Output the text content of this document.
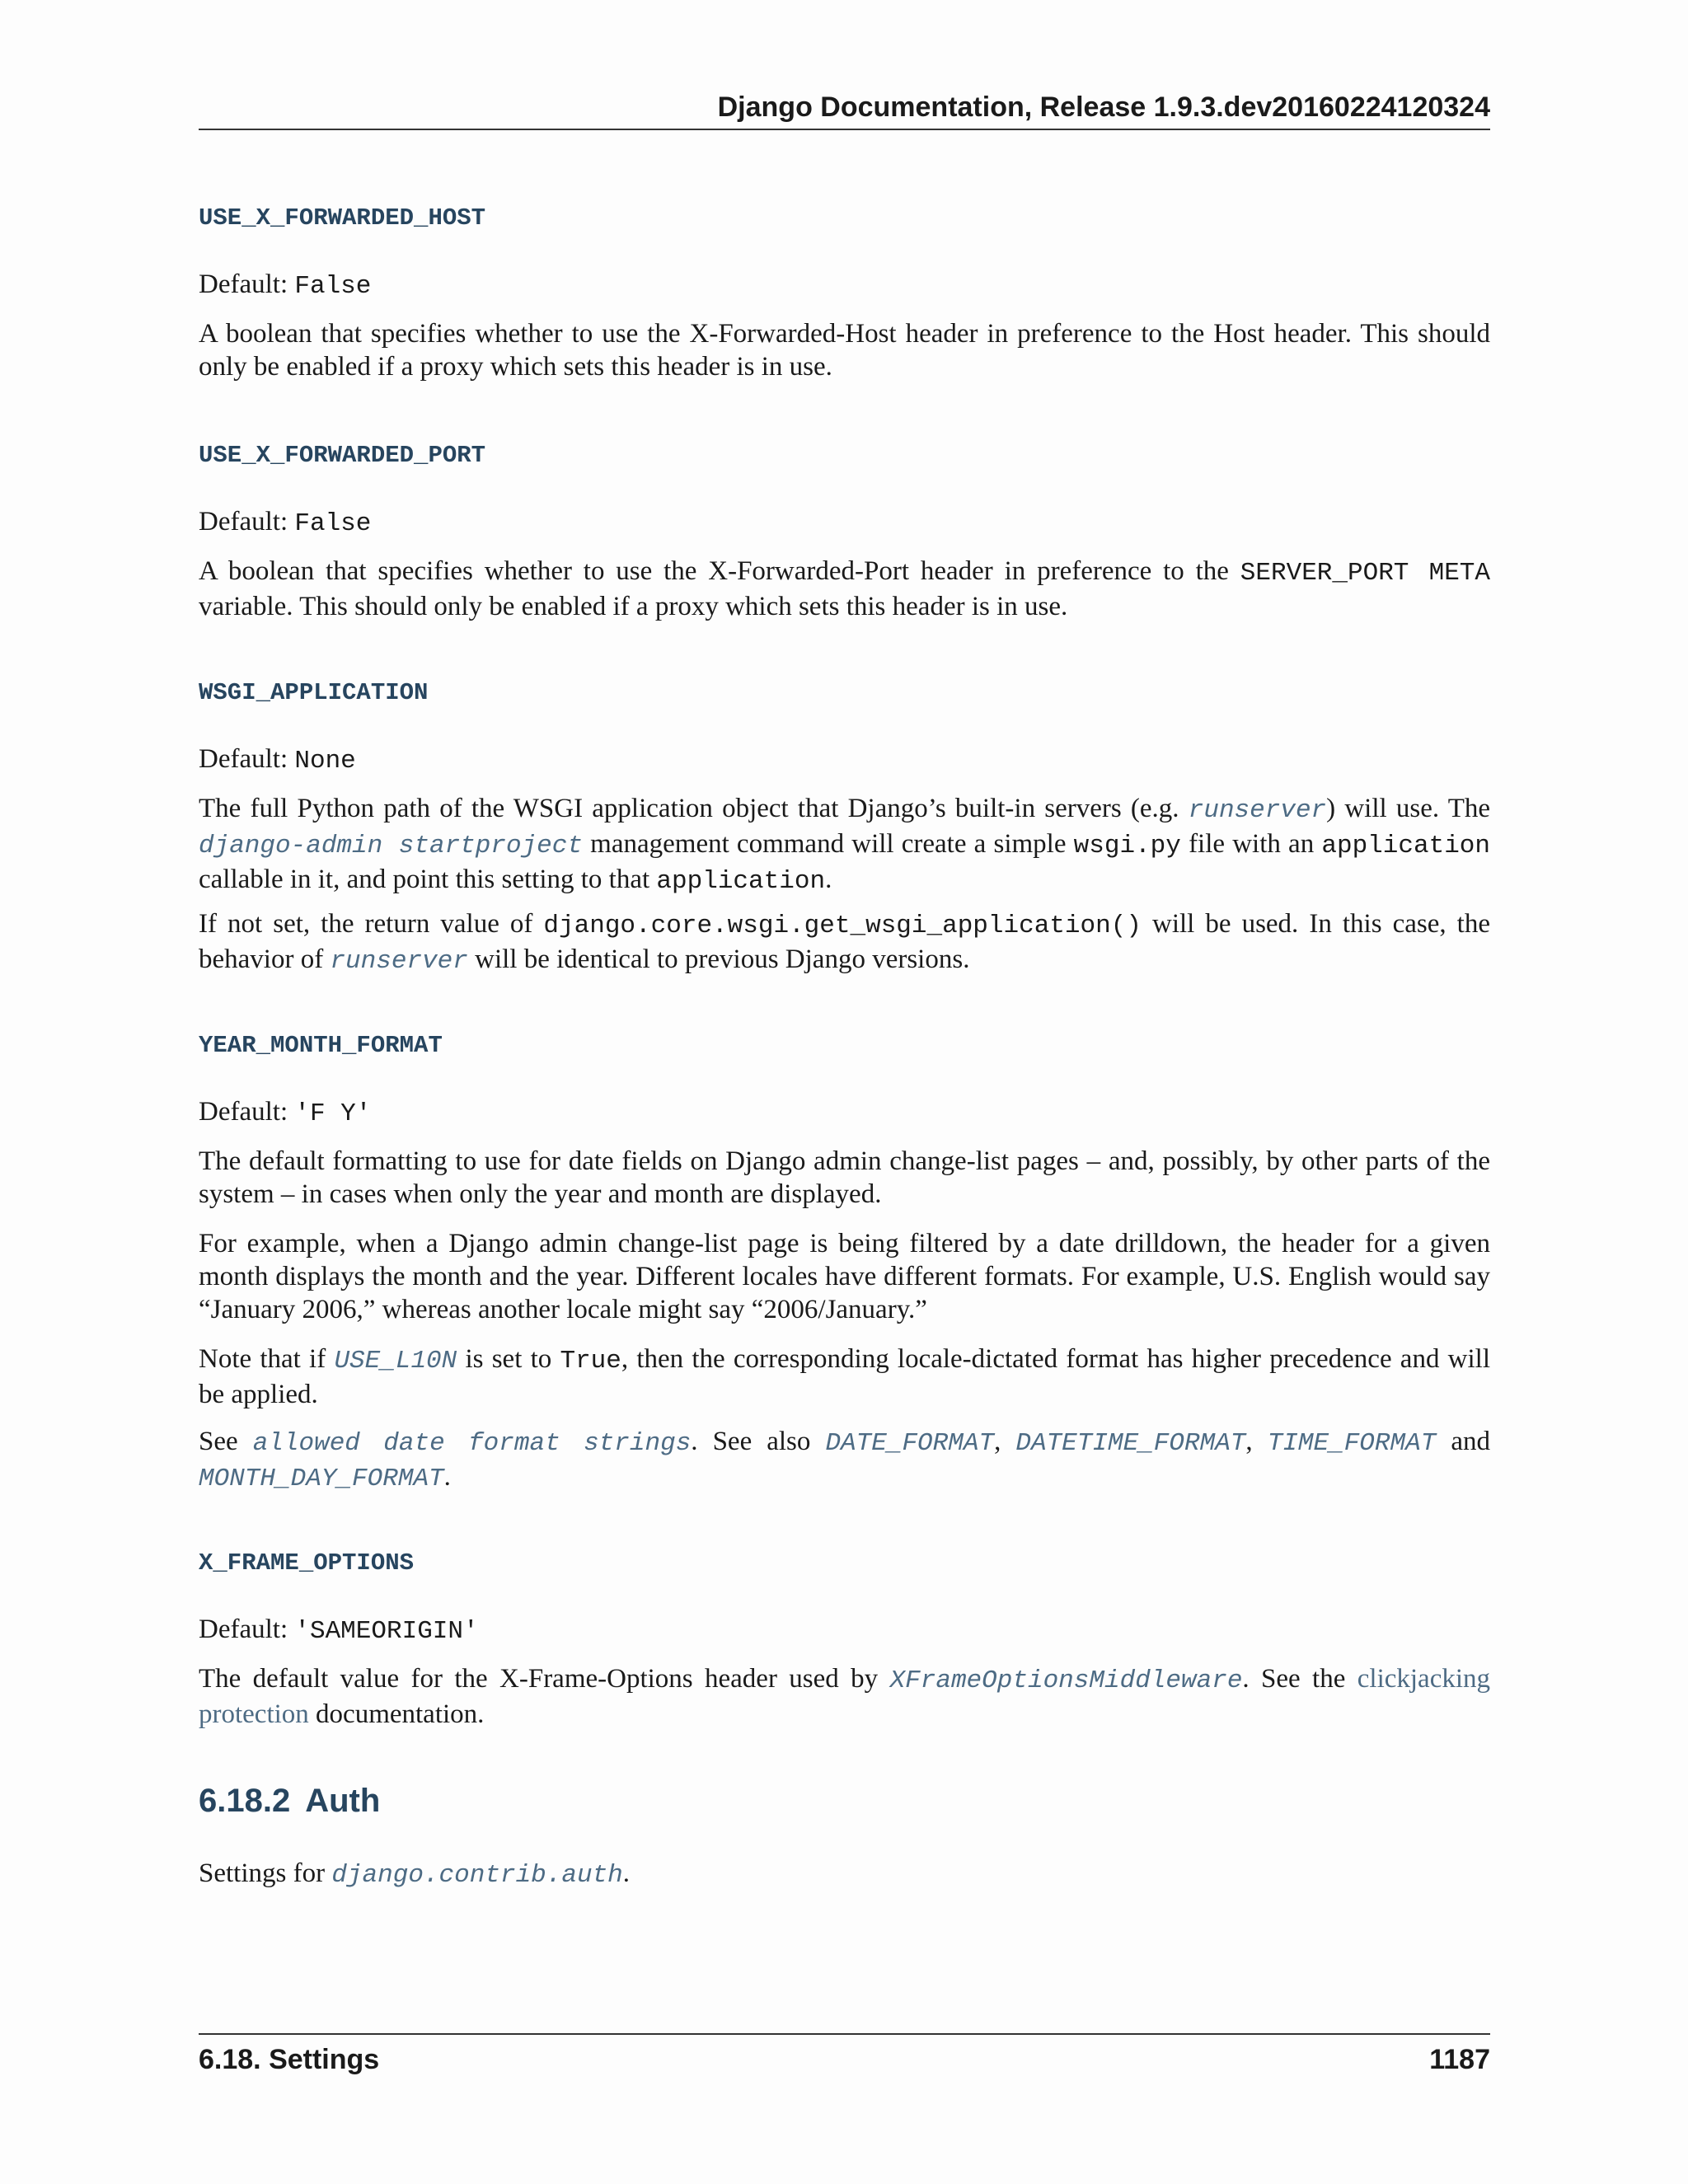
Django Documentation, Release 1.9.3.dev20160224120324
USE_X_FORWARDED_HOST

Default: False

A boolean that specifies whether to use the X-Forwarded-Host header in preference to the Host header. This should only be enabled if a proxy which sets this header is in use.

USE_X_FORWARDED_PORT

Default: False

A boolean that specifies whether to use the X-Forwarded-Port header in preference to the SERVER_PORT META variable. This should only be enabled if a proxy which sets this header is in use.

WSGI_APPLICATION

Default: None

The full Python path of the WSGI application object that Django’s built-in servers (e.g. runserver) will use. The django-admin startproject management command will create a simple wsgi.py file with an application callable in it, and point this setting to that application.

If not set, the return value of django.core.wsgi.get_wsgi_application() will be used. In this case, the behavior of runserver will be identical to previous Django versions.

YEAR_MONTH_FORMAT

Default: 'F Y'

The default formatting to use for date fields on Django admin change-list pages – and, possibly, by other parts of the system – in cases when only the year and month are displayed.

For example, when a Django admin change-list page is being filtered by a date drilldown, the header for a given month displays the month and the year. Different locales have different formats. For example, U.S. English would say “January 2006,” whereas another locale might say “2006/January.”

Note that if USE_L10N is set to True, then the corresponding locale-dictated format has higher precedence and will be applied.

See allowed date format strings. See also DATE_FORMAT, DATETIME_FORMAT, TIME_FORMAT and MONTH_DAY_FORMAT.

X_FRAME_OPTIONS

Default: 'SAMEORIGIN'

The default value for the X-Frame-Options header used by XFrameOptionsMiddleware. See the clickjacking protection documentation.

6.18.2 Auth

Settings for django.contrib.auth.

6.18. Settings	1187
